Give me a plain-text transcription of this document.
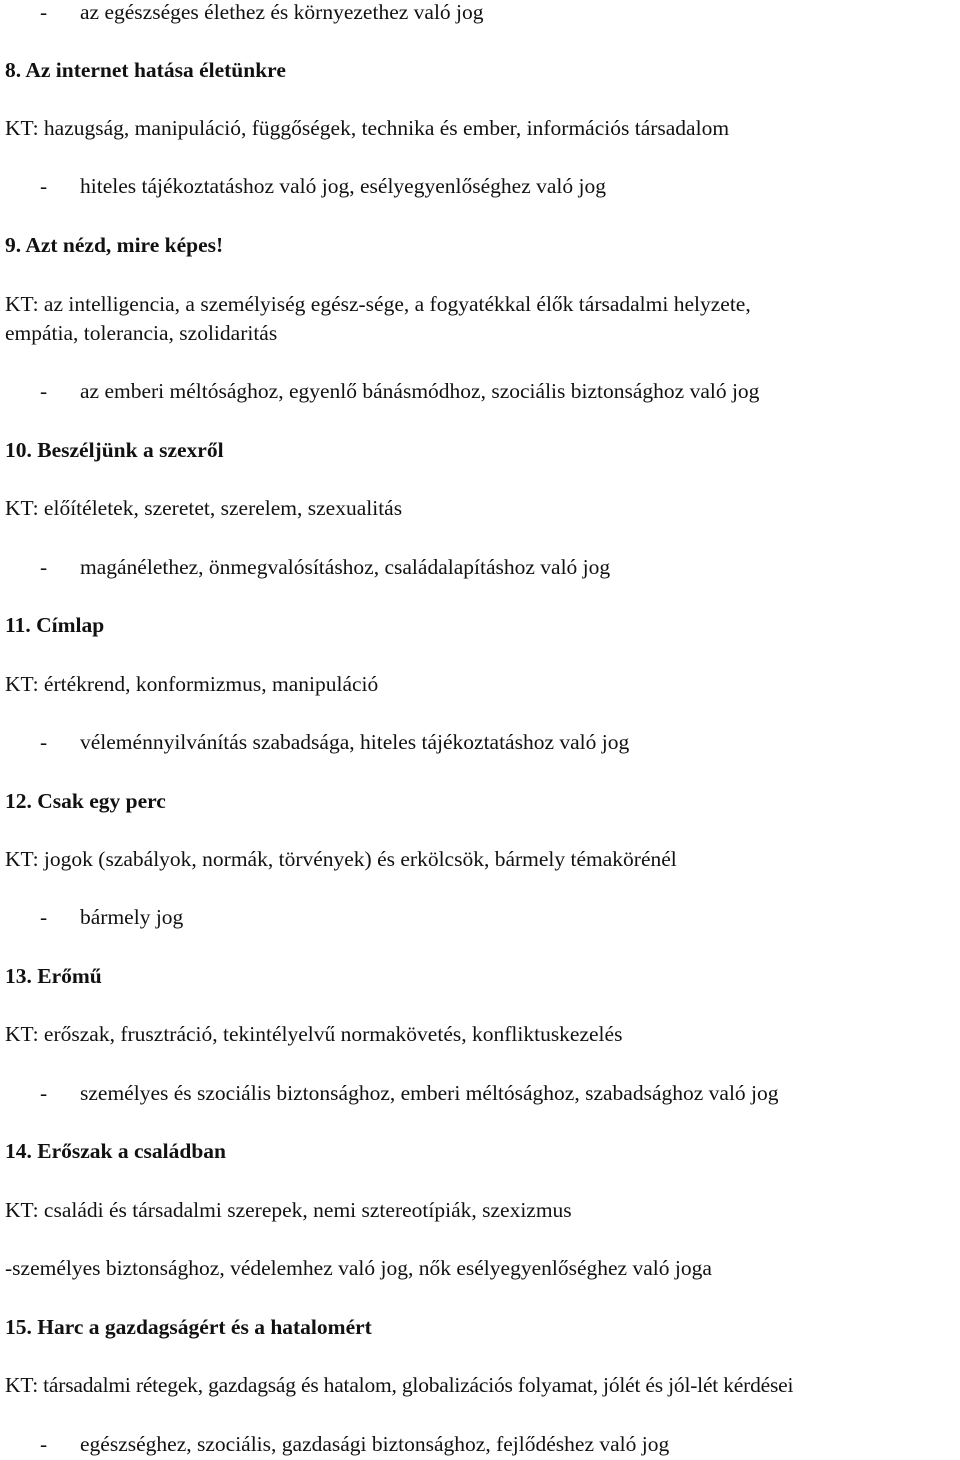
- az egészséges élethez és környezethez való jog
8. Az internet hatása életünkre
KT: hazugság, manipuláció, függőségek, technika és ember, információs társadalom
- hiteles tájékoztatáshoz való jog, esélyegyenlőséghez való jog
9. Azt nézd, mire képes!
KT: az intelligencia, a személyiség egész-sége, a fogyatékkal élők társadalmi helyzete,
empátia, tolerancia, szolidaritás
- az emberi méltósághoz, egyenlő bánásmódhoz, szociális biztonsághoz való jog
10. Beszéljünk a szexről
KT: előítéletek, szeretet, szerelem, szexualitás
- magánélethez, önmegvalósításhoz, családalapításhoz való jog
11. Címlap
KT: értékrend, konformizmus, manipuláció
- véleménnyilvánítás szabadsága, hiteles tájékoztatáshoz való jog
12. Csak egy perc
KT: jogok (szabályok, normák, törvények) és erkölcsök, bármely témakörénél
- bármely jog
13. Erőmű
KT: erőszak, frusztráció, tekintélyelvű normakövetés, konfliktuskezelés
- személyes és szociális biztonsághoz, emberi méltósághoz, szabadsághoz való jog
14. Erőszak a családban
KT: családi és társadalmi szerepek, nemi sztereotípiák, szexizmus
-személyes biztonsághoz, védelemhez való jog, nők esélyegyenlőséghez való joga
15. Harc a gazdagságért és a hatalomért
KT: társadalmi rétegek, gazdagság és hatalom, globalizációs folyamat, jólét és jól-lét kérdései
- egészséghez, szociális, gazdasági biztonsághoz, fejlődéshez való jog
